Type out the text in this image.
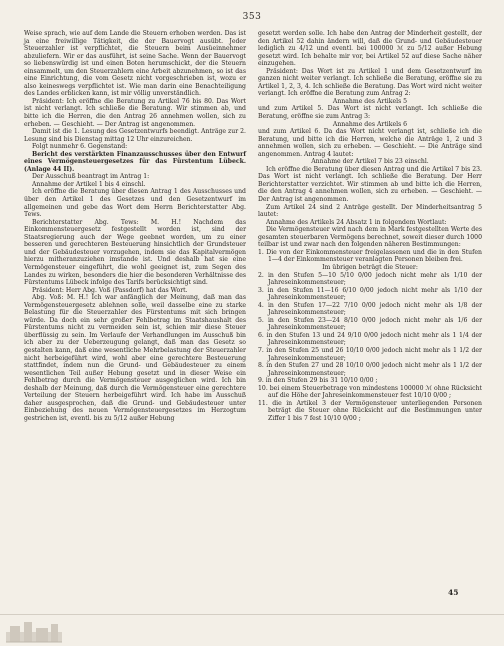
353

Weise sprach, wie auf dem Lande die Steuern erhoben werden. Das ist ja eine freiwillige Tätigkeit, die der Bauervogt ausübt. Jeder Steuerzahler ist verpflichtet, die Steuern beim Ausüeinnehmer abzuliefern. Wir er das ausführt, ist seine Sache. Wenn der Bauervogt so liebenswürdig ist und einen Boten herumschickt, der die Steuern einsammelt, um den Steuerzahlern eine Arbeit abzunehmen, so ist das eine Einrichtung, die vom Gesetz nicht vorgeschrieben ist, wozu er also keineswegs verpflichtet ist. Wie man darin eine Benachteiligung des Landes erblicken kann, ist mir völlig unverständlich.

Präsident: Ich eröffne die Beratung zu Artikel 76 bis 80. Das Wort ist nicht verlangt. Ich schließe die Beratung. Wir stimmen ab, und bitte ich die Herren, die den Antrag 26 annehmen wollen, sich zu erheben. — Geschieht. — Der Antrag ist angenommen.

Damit ist die 1. Lesung des Gesetzentwurfs beendigt. Anträge zur 2. Lesung sind bis Dienstag mittag 12 Uhr einzureichen.

Folgt nunmehr 6. Gegenstand:

Bericht des verstärkten Finanzausschusses über den Entwurf eines Vermögensteuergesetzes für das Fürstentum Lübeck. (Anlage 44 II).

Der Ausschuß beantragt im Antrag 1:

Annahme der Artikel 1 bis 4 einschl.

Ich eröffne die Beratung über diesen Antrag 1 des Ausschusses und über den Artikel 1 des Gesetzes und den Gesetzentwurf im allgemeinen und gebe das Wort dem Herrn Berichterstatter Abg. Tews.

Berichterstatter Abg. Tews: M. H.! Nachdem das Einkommensteuergesetz festgestellt worden ist, sind der Staatsregierung auch der Wege geebnet worden, um zu einer besseren und gerechteren Besteuerung hinsichtlich der Grundsteuer und der Gebäudesteuer vorzugehen, indem sie das Kapitalvermögen hierzu mitheranzuziehen imstande ist. Und deshalb hat sie eine Vermögensteuer eingeführt, die wohl geeignet ist, zum Segen des Landes zu wirken, besonders die hier die besonderen Verhältnisse des Fürstentums Lübeck infolge des Tarifs berücksichtigt sind.

Präsident: Herr Abg. Voß (Passdorf) hat das Wort.

Abg. Voß: M. H.! Ich war anfänglich der Meinung, daß man das Vermögensteuergesetz ablehnen solle, weil dasselbe eine zu starke Belastung für die Steuerzahler des Fürstentums mit sich bringen würde. Da doch ein sehr großer Fehlbetrag im Staatshaushalt des Fürstentums nicht zu vermeiden sein ist, schien mir diese Steuer überflüssig zu sein. Im Verlaufe der Verhandlungen im Ausschuß bin ich aber zu der Ueberzeugung gelangt, daß man das Gesetz so gestalten kann, daß eine wesentliche Mehrbelastung der Steuerzahler nicht herbeigeführt wird, wohl aber eine gerechtere Besteuerung stattfindet, indem nun die Grund- und Gebäudesteuer zu einem wesentlichen Teil außer Hebung gesetzt und in dieser Weise ein Fehlbetrag durch die Vermögensteuer ausgeglichen wird. Ich bin deshalb der Meinung, daß durch die Vermögensteuer eine gerechtere Verteilung der Steuern herbeigeführt wird. Ich habe im Ausschuß daher ausgesprochen, daß die Grund- und Gebäudesteuer unter Einbeziehung des neuen Vermögensteuergesetzes im Herzogtum gestrichen ist, eventl. bis zu 5/12 außer Hebung

gesetzt werden solle. Ich habe den Antrag der Minderheit gestellt, der den Artikel 52 dahin ändern will, daß die Grund- und Gebäudesteuer lediglich zu 4/12 und eventl. bei 100000 ℳ zu 5/12 außer Hebung gesetzt wird. Ich behalte mir vor, bei Artikel 52 auf diese Sache näher einzugehen.

Präsident: Das Wort ist zu Artikel 1 und dem Gesetzentwurf im ganzen nicht weiter verlangt. Ich schließe die Beratung, eröffne sie zu Artikel 1, 2, 3, 4. Ich schließe die Beratung. Das Wort wird nicht weiter verlangt. Ich eröffne die Beratung zum Antrag 2:

Annahme des Artikels 5

und zum Artikel 5. Das Wort ist nicht verlangt. Ich schließe die Beratung, eröffne sie zum Antrag 3:

Annahme des Artikels 6

und zum Artikel 6. Da das Wort nicht verlangt ist, schließe ich die Beratung, und bitte ich die Herren, welche die Anträge 1, 2 und 3 annehmen wollen, sich zu erheben. — Geschieht. — Die Anträge sind angenommen. Antrag 4 lautet:

Annahme der Artikel 7 bis 23 einschl.

Ich eröffne die Beratung über diesen Antrag und die Artikel 7 bis 23. Das Wort ist nicht verlangt. Ich schließe die Beratung. Der Herr Berichterstatter verzichtet. Wir stimmen ab und bitte ich die Herren, die den Antrag 4 annehmen wollen, sich zu erheben. — Geschieht. — Der Antrag ist angenommen.

Zum Artikel 24 sind 2 Anträge gestellt. Der Minderheitsantrag 5 lautet:

Annahme des Artikels 24 Absatz 1 in folgendem Wortlaut:

Die Vermögensteuer wird nach dem in Mark festgestellten Werte des gesamten steuerbaren Vermögens berechnet, soweit dieser durch 1000 teilbar ist und zwar nach den folgenden näheren Bestimmungen:

1. Die von der Einkommensteuer freigelassenen und die in den Stufen 1—4 der Einkommensteuer veranlagten Personen bleiben frei.

Im übrigen beträgt die Steuer:

2. in den Stufen 5—10 5/10 0/00 jedoch nicht mehr als 1/10 der Jahreseinkommensteuer;

3. in den Stufen 11—16 6/10 0/00 jedoch nicht mehr als 1/10 der Jahreseinkommensteuer;

4. in den Stufen 17—22 7/10 0/00 jedoch nicht mehr als 1/8 der Jahreseinkommensteuer;

5. in den Stufen 23—24 8/10 0/00 jedoch nicht mehr als 1/6 der Jahreseinkommensteuer;

6. in den Stufen 13 und 24 9/10 0/00 jedoch nicht mehr als 1 1/4 der Jahreseinkommensteuer;

7. in den Stufen 25 und 26 10/10 0/00 jedoch nicht mehr als 1 1/2 der Jahreseinkommensteuer;

8. in den Stufen 27 und 28 10/10 0/00 jedoch nicht mehr als 1 1/2 der Jahreseinkommensteuer;

9. in den Stufen 29 bis 31 10/10 0/00 ;

10. bei einem Steuerbetrage von mindestens 100000 ℳ ohne Rücksicht auf die Höhe der Jahreseinkommensteuer fest 10/10 0/00 ;

11. die in Artikel 3 der Vermögensteuer unterliegenden Personen beträgt die Steuer ohne Rücksicht auf die Bestimmungen unter Ziffer 1 bis 7 fest 10/10 0/00 ;

45
